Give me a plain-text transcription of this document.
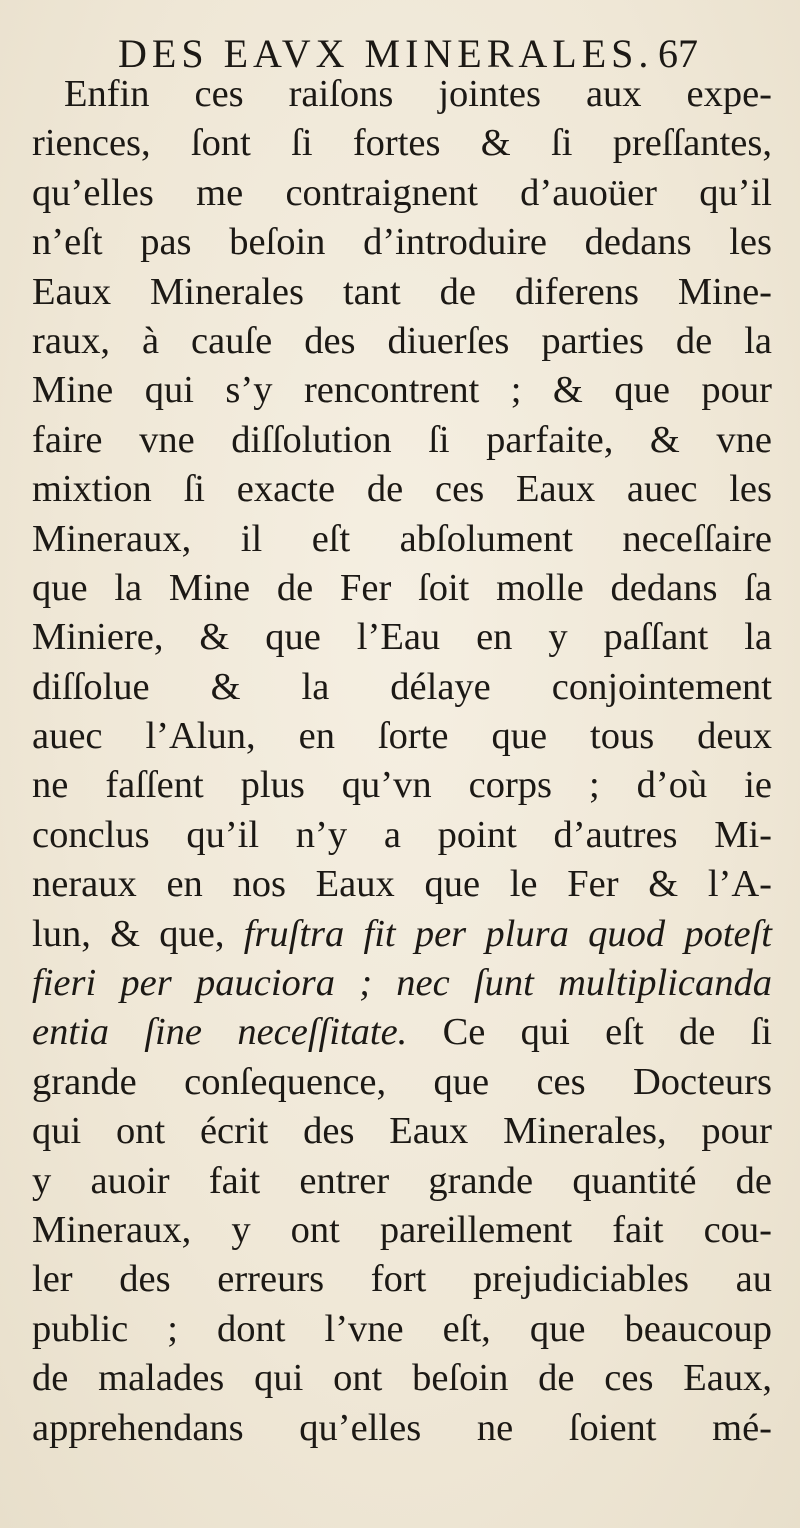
DES EAVX MINERALES. 67
Enfin ces raiſons jointes aux expe-
riences, ſont ſi fortes & ſi preſſantes,
qu’elles me contraignent d’auoüer qu’il
n’eſt pas beſoin d’introduire dedans les
Eaux Minerales tant de diferens Mine-
raux, à cauſe des diuerſes parties de la
Mine qui s’y rencontrent ; & que pour
faire vne diſſolution ſi parfaite, & vne
mixtion ſi exacte de ces Eaux auec les
Mineraux, il eſt abſolument neceſſaire
que la Mine de Fer ſoit molle dedans ſa
Miniere, & que l’Eau en y paſſant la
diſſolue & la délaye conjointement
auec l’Alun, en ſorte que tous deux
ne faſſent plus qu’vn corps ; d’où ie
conclus qu’il n’y a point d’autres Mi-
neraux en nos Eaux que le Fer & l’A-
lun, & que, fruſtra fit per plura quod poteſt
fieri per pauciora ; nec ſunt multiplicanda
entia ſine neceſſitate. Ce qui eſt de ſi
grande conſequence, que ces Docteurs
qui ont écrit des Eaux Minerales, pour
y auoir fait entrer grande quantité de
Mineraux, y ont pareillement fait cou-
ler des erreurs fort prejudiciables au
public ; dont l’vne eſt, que beaucoup
de malades qui ont beſoin de ces Eaux,
apprehendans qu’elles ne ſoient mé-
